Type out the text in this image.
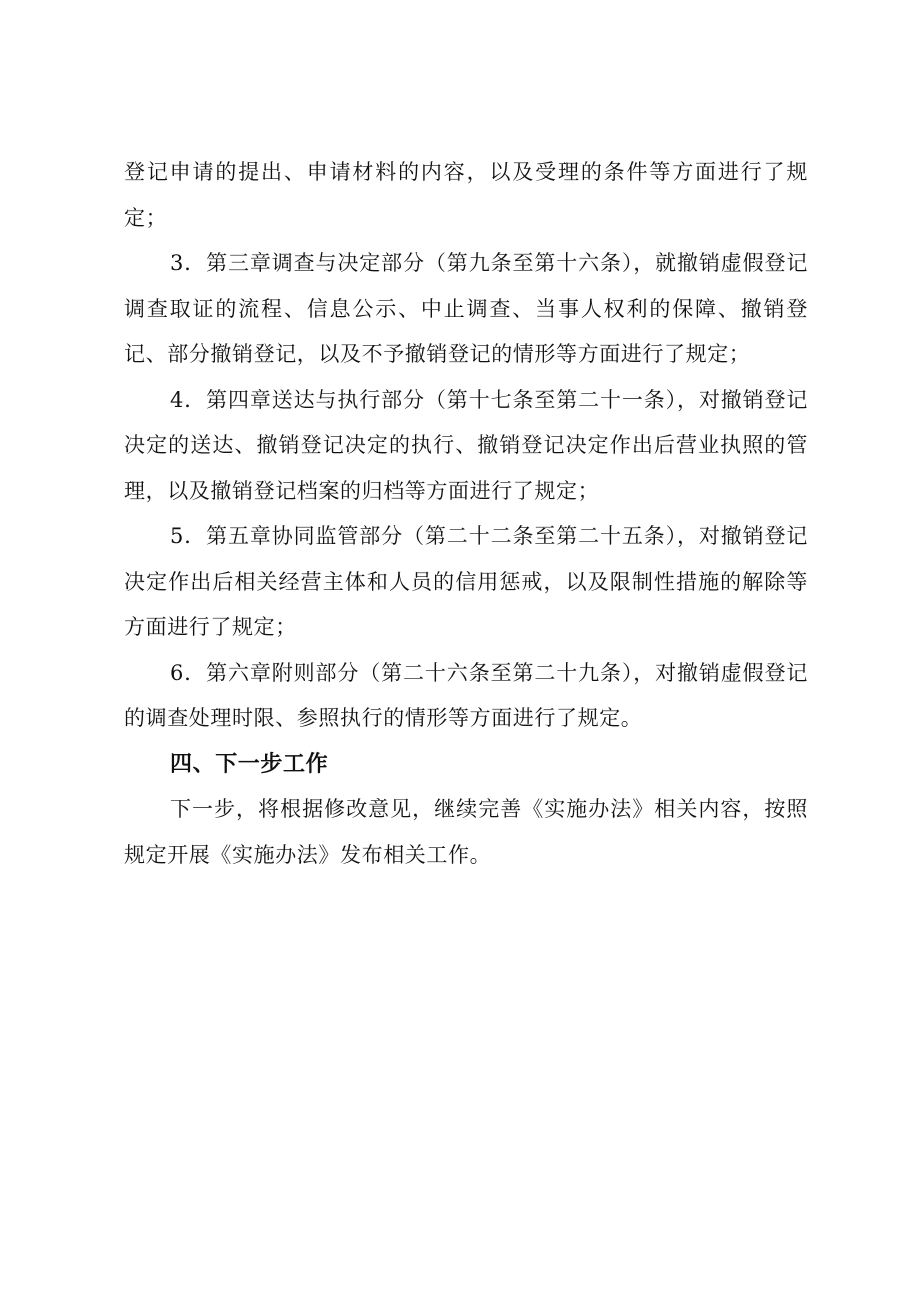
登记申请的提出、申请材料的内容，以及受理的条件等方面进行了规定；

3．第三章调查与决定部分（第九条至第十六条），就撤销虚假登记调查取证的流程、信息公示、中止调查、当事人权利的保障、撤销登记、部分撤销登记，以及不予撤销登记的情形等方面进行了规定；

4．第四章送达与执行部分（第十七条至第二十一条），对撤销登记决定的送达、撤销登记决定的执行、撤销登记决定作出后营业执照的管理，以及撤销登记档案的归档等方面进行了规定；

5．第五章协同监管部分（第二十二条至第二十五条），对撤销登记决定作出后相关经营主体和人员的信用惩戒，以及限制性措施的解除等方面进行了规定；

6．第六章附则部分（第二十六条至第二十九条），对撤销虚假登记的调查处理时限、参照执行的情形等方面进行了规定。

四、下一步工作

下一步，将根据修改意见，继续完善《实施办法》相关内容，按照规定开展《实施办法》发布相关工作。
